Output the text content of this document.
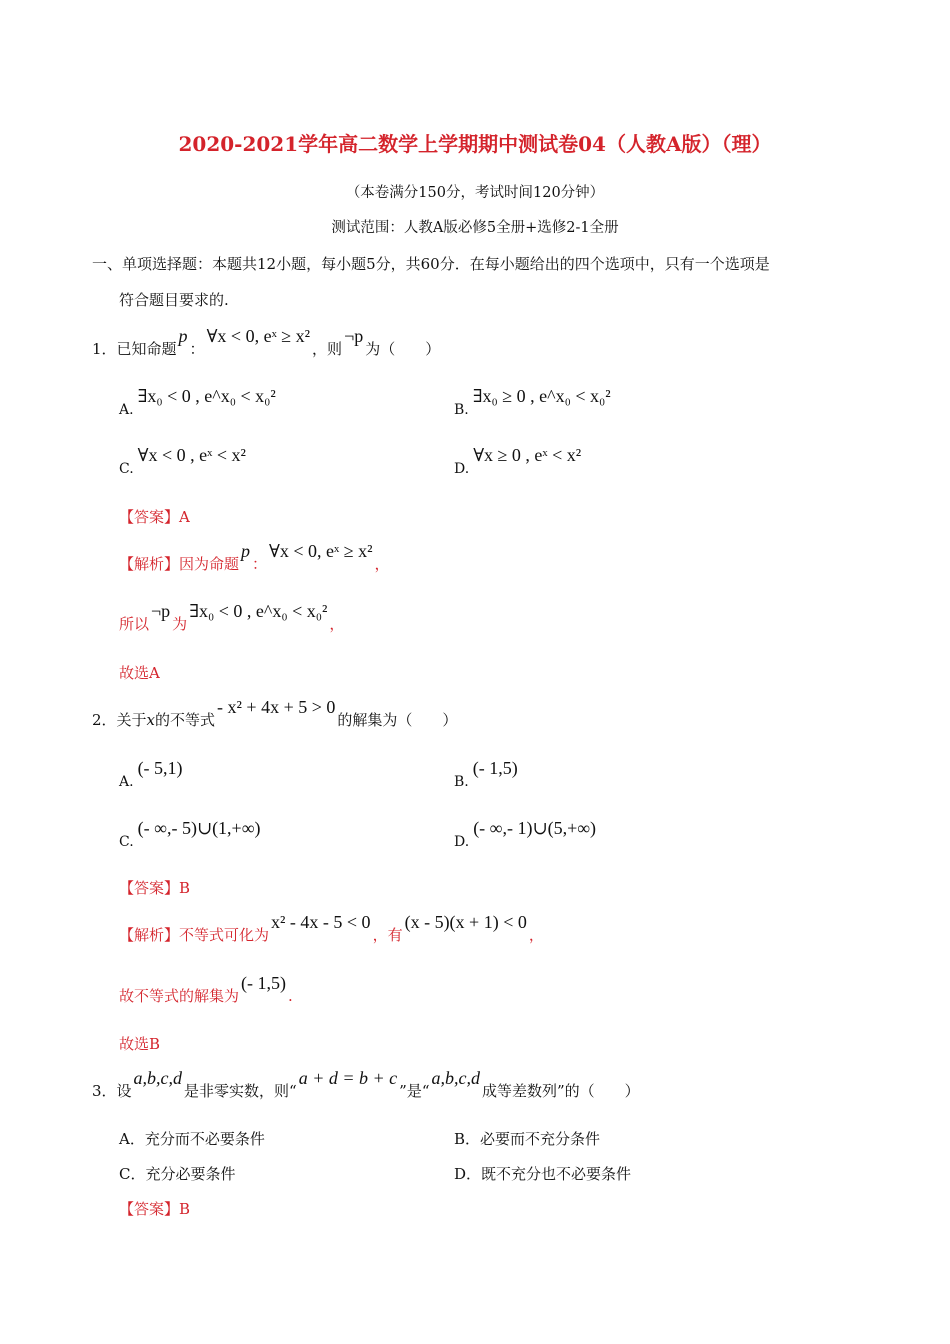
2020-2021学年高二数学上学期期中测试卷04（人教A版）（理）
（本卷满分150分，考试时间120分钟）
测试范围：人教A版必修5全册+选修2-1全册
一、单项选择题：本题共12小题，每小题5分，共60分．在每小题给出的四个选项中，只有一个选项是
符合题目要求的.
1．已知命题p：∀x < 0, eˣ ≥ x²，则¬p为（　　）
A.∃x₀ < 0 , e^x₀ < x₀²
B.∃x₀ ≥ 0 , e^x₀ < x₀²
C.∀x < 0 , eˣ < x²
D.∀x ≥ 0 , eˣ < x²
【答案】A
【解析】因为命题p：∀x < 0, eˣ ≥ x²，
所以¬p为∃x₀ < 0 , e^x₀ < x₀²，
故选A
2．关于x的不等式- x² + 4x + 5 > 0的解集为（　　）
A.(- 5,1)
B.(- 1,5)
C.(- ∞,- 5)∪(1,+∞)
D.(- ∞,- 1)∪(5,+∞)
【答案】B
【解析】不等式可化为x² - 4x - 5 < 0，有(x - 5)(x + 1) < 0，
故不等式的解集为(- 1,5).
故选B
3．设a,b,c,d是非零实数，则“a + d = b + c”是“a,b,c,d成等差数列”的（　　）
A．充分而不必要条件	B．必要而不充分条件
C．充分必要条件	D．既不充分也不必要条件
【答案】B
